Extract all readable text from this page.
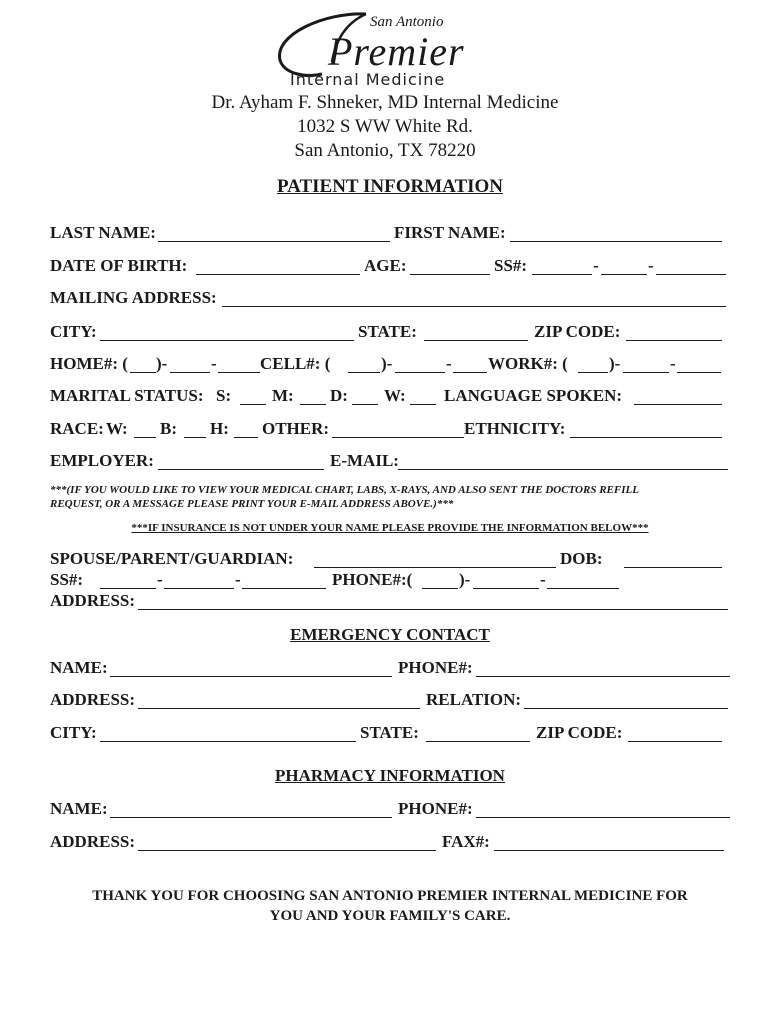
San Antonio
Premier
Internal Medicine
Dr. Ayham F. Shneker, MD Internal Medicine
1032 S WW White Rd.
San Antonio, TX 78220
PATIENT INFORMATION
LAST NAME:	FIRST NAME:
DATE OF BIRTH:	AGE:	SS#:	-	-
MAILING ADDRESS:
CITY:	STATE:	ZIP CODE:
HOME#: ( )-	-	CELL#: (	)-	- WORK#: ( )-	-
MARITAL STATUS: S: M: D: W: LANGUAGE SPOKEN:
RACE: W: B: H: OTHER:	ETHNICITY:
EMPLOYER:	E-MAIL:
***(IF YOU WOULD LIKE TO VIEW YOUR MEDICAL CHART, LABS, X-RAYS, AND ALSO SENT THE DOCTORS REFILL
REQUEST, OR A MESSAGE PLEASE PRINT YOUR E-MAIL ADDRESS ABOVE.)***
***IF INSURANCE IS NOT UNDER YOUR NAME PLEASE PROVIDE THE INFORMATION BELOW***
SPOUSE/PARENT/GUARDIAN:	DOB:
SS#:	-	-	PHONE#:(	)-	-
ADDRESS:
EMERGENCY CONTACT
NAME:	PHONE#:
ADDRESS:	RELATION:
CITY:	STATE:	ZIP CODE:
PHARMACY INFORMATION
NAME:	PHONE#:
ADDRESS:	FAX#:
THANK YOU FOR CHOOSING SAN ANTONIO PREMIER INTERNAL MEDICINE FOR
YOU AND YOUR FAMILY'S CARE.
